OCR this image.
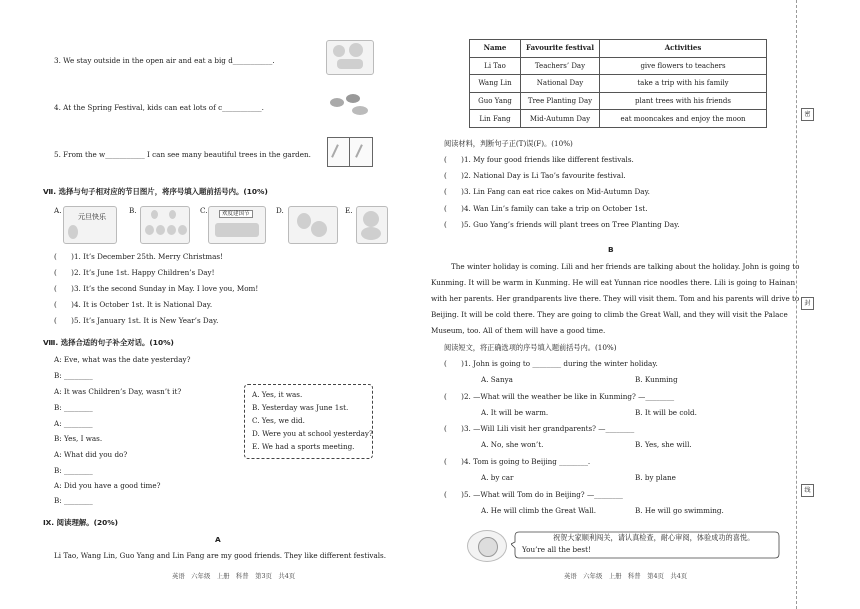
3. We stay outside in the open air and eat a big d___________.
4. At the Spring Festival, kids can eat lots of c___________.
5. From the w___________ I can see many beautiful trees in the garden.
Ⅶ. 选择与句子相对应的节日图片，将序号填入题前括号内。(10%)
A.
元旦快乐
B.	C.	欢度建国节	D.	E.
(　　)1. It’s December 25th. Merry Christmas!
(　　)2. It’s June 1st. Happy Children’s Day!
(　　)3. It’s the second Sunday in May. I love you, Mom!
(　　)4. It is October 1st. It is National Day.
(　　)5. It’s January 1st. It is New Year’s Day.
Ⅷ. 选择合适的句子补全对话。(10%)
A: Eve, what was the date yesterday?
B: ________
A: It was Children’s Day, wasn’t it?
B: ________
A: ________
B: Yes, I was.
A: What did you do?
B: ________
A: Did you have a good time?
B: ________
A. Yes, it was.
B. Yesterday was June 1st.
C. Yes, we did.
D. Were you at school yesterday?
E. We had a sports meeting.
Ⅸ. 阅读理解。(20%)
A
Li Tao, Wang Lin, Guo Yang and Lin Fang are my good friends. They like different festivals.
英语　六年级　上册　科普　第3页　共4页
Name	Favourite festival	Activities
Li Tao	Teachers’ Day	give flowers to teachers
Wang Lin	National Day	take a trip with his family
Guo Yang	Tree Planting Day	plant trees with his friends
Lin Fang	Mid-Autumn Day	eat mooncakes and enjoy the moon
阅读材料，判断句子正(T)误(F)。(10%)
(　　)1. My four good friends like different festivals.
(　　)2. National Day is Li Tao’s favourite festival.
(　　)3. Lin Fang can eat rice cakes on Mid-Autumn Day.
(　　)4. Wan Lin’s family can take a trip on October 1st.
(　　)5. Guo Yang’s friends will plant trees on Tree Planting Day.
B
The winter holiday is coming. Lili and her friends are talking about the holiday. John is going to
Kunming. It will be warm in Kunming. He will eat Yunnan rice noodles there. Lili is going to Hainan
with her parents. Her grandparents live there. They will visit them. Tom and his parents will drive to
Beijing. It will be cold there. They are going to climb the Great Wall, and they will visit the Palace
Museum, too. All of them will have a good time.
阅读短文，将正确选项的序号填入题前括号内。(10%)
(　　)1. John is going to ________ during the winter holiday.
A. Sanya	B. Kunming
(　　)2. —What will the weather be like in Kunming? —________
A. It will be warm.	B. It will be cold.
(　　)3. —Will Lili visit her grandparents? —________
A. No, she won’t.	B. Yes, she will.
(　　)4. Tom is going to Beijing ________.
A. by car	B. by plane
(　　)5. —What will Tom do in Beijing? —________
A. He will climb the Great Wall.	B. He will go swimming.
祝贺大家顺利闯关，请认真检查，耐心审阅，体验成功的喜悦。
You’re all the best!
英语　六年级　上册　科普　第4页　共4页
密
封
线
